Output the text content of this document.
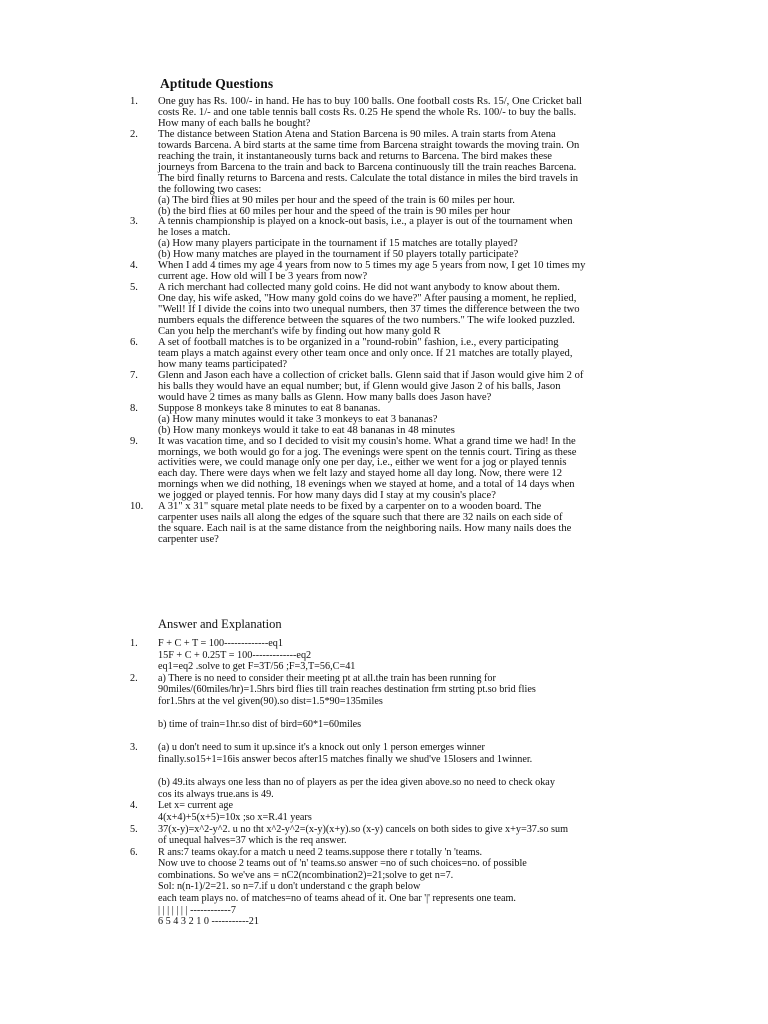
Aptitude Questions
1.	One guy has Rs. 100/- in hand. He has to buy 100 balls. One football costs Rs. 15/, One Cricket ball
costs Re. 1/- and one table tennis ball costs Rs. 0.25 He spend the whole Rs. 100/- to buy the balls.
How many of each balls he bought?
2.	The distance between Station Atena and Station Barcena is 90 miles. A train starts from Atena
towards Barcena. A bird starts at the same time from Barcena straight towards the moving train. On
reaching the train, it instantaneously turns back and returns to Barcena. The bird makes these
journeys from Barcena to the train and back to Barcena continuously till the train reaches Barcena.
The bird finally returns to Barcena and rests. Calculate the total distance in miles the bird travels in
the following two cases:
(a) The bird flies at 90 miles per hour and the speed of the train is 60 miles per hour.
(b) the bird flies at 60 miles per hour and the speed of the train is 90 miles per hour
3.	A tennis championship is played on a knock-out basis, i.e., a player is out of the tournament when
he loses a match.
(a) How many players participate in the tournament if 15 matches are totally played?
(b) How many matches are played in the tournament if 50 players totally participate?
4.	When I add 4 times my age 4 years from now to 5 times my age 5 years from now, I get 10 times my
current age. How old will I be 3 years from now?
5.	A rich merchant had collected many gold coins. He did not want anybody to know about them.
One day, his wife asked, "How many gold coins do we have?" After pausing a moment, he replied,
"Well! If I divide the coins into two unequal numbers, then 37 times the difference between the two
numbers equals the difference between the squares of the two numbers." The wife looked puzzled.
Can you help the merchant's wife by finding out how many gold R
6.	A set of football matches is to be organized in a "round-robin" fashion, i.e., every participating
team plays a match against every other team once and only once. If 21 matches are totally played,
how many teams participated?
7.	Glenn and Jason each have a collection of cricket balls. Glenn said that if Jason would give him 2 of
his balls they would have an equal number; but, if Glenn would give Jason 2 of his balls, Jason
would have 2 times as many balls as Glenn. How many balls does Jason have?
8.	Suppose 8 monkeys take 8 minutes to eat 8 bananas.
(a) How many minutes would it take 3 monkeys to eat 3 bananas?
(b) How many monkeys would it take to eat 48 bananas in 48 minutes
9.	It was vacation time, and so I decided to visit my cousin's home. What a grand time we had! In the
mornings, we both would go for a jog. The evenings were spent on the tennis court. Tiring as these
activities were, we could manage only one per day, i.e., either we went for a jog or played tennis
each day. There were days when we felt lazy and stayed home all day long. Now, there were 12
mornings when we did nothing, 18 evenings when we stayed at home, and a total of 14 days when
we jogged or played tennis. For how many days did I stay at my cousin's place?
10.	A 31" x 31" square metal plate needs to be fixed by a carpenter on to a wooden board. The
carpenter uses nails all along the edges of the square such that there are 32 nails on each side of
the square. Each nail is at the same distance from the neighboring nails. How many nails does the
carpenter use?
Answer and Explanation
1.	F + C + T = 100-------------eq1
15F + C + 0.25T = 100-------------eq2
eq1=eq2 .solve to get F=3T/56 ;F=3,T=56,C=41
2.	a) There is no need to consider their meeting pt at all.the train has been running for
90miles/(60miles/hr)=1.5hrs bird flies till train reaches destination frm strting pt.so brid flies
for1.5hrs at the vel given(90).so dist=1.5*90=135miles
b) time of train=1hr.so dist of bird=60*1=60miles
3.	(a) u don't need to sum it up.since it's a knock out only 1 person emerges winner
finally.so15+1=16is answer becos after15 matches finally we shud've 15losers and 1winner.
(b) 49.its always one less than no of players as per the idea given above.so no need to check okay
cos its always true.ans is 49.
4.	Let x= current age
4(x+4)+5(x+5)=10x ;so x=R.41 years
5.	37(x-y)=x^2-y^2. u no tht x^2-y^2=(x-y)(x+y).so (x-y) cancels on both sides to give x+y=37.so sum
of unequal halves=37 which is the req answer.
6.	R ans:7 teams okay.for a match u need 2 teams.suppose there r totally 'n 'teams.
Now uve to choose 2 teams out of 'n' teams.so answer =no of such choices=no. of possible
combinations. So we've ans = nC2(ncombination2)=21;solve to get n=7.
Sol: n(n-1)/2=21. so n=7.if u don't understand c the graph below
each team plays no. of matches=no of teams ahead of it. One bar '|' represents one team.
| | | | | | | ------------7
6 5 4 3 2 1 0 -----------21
